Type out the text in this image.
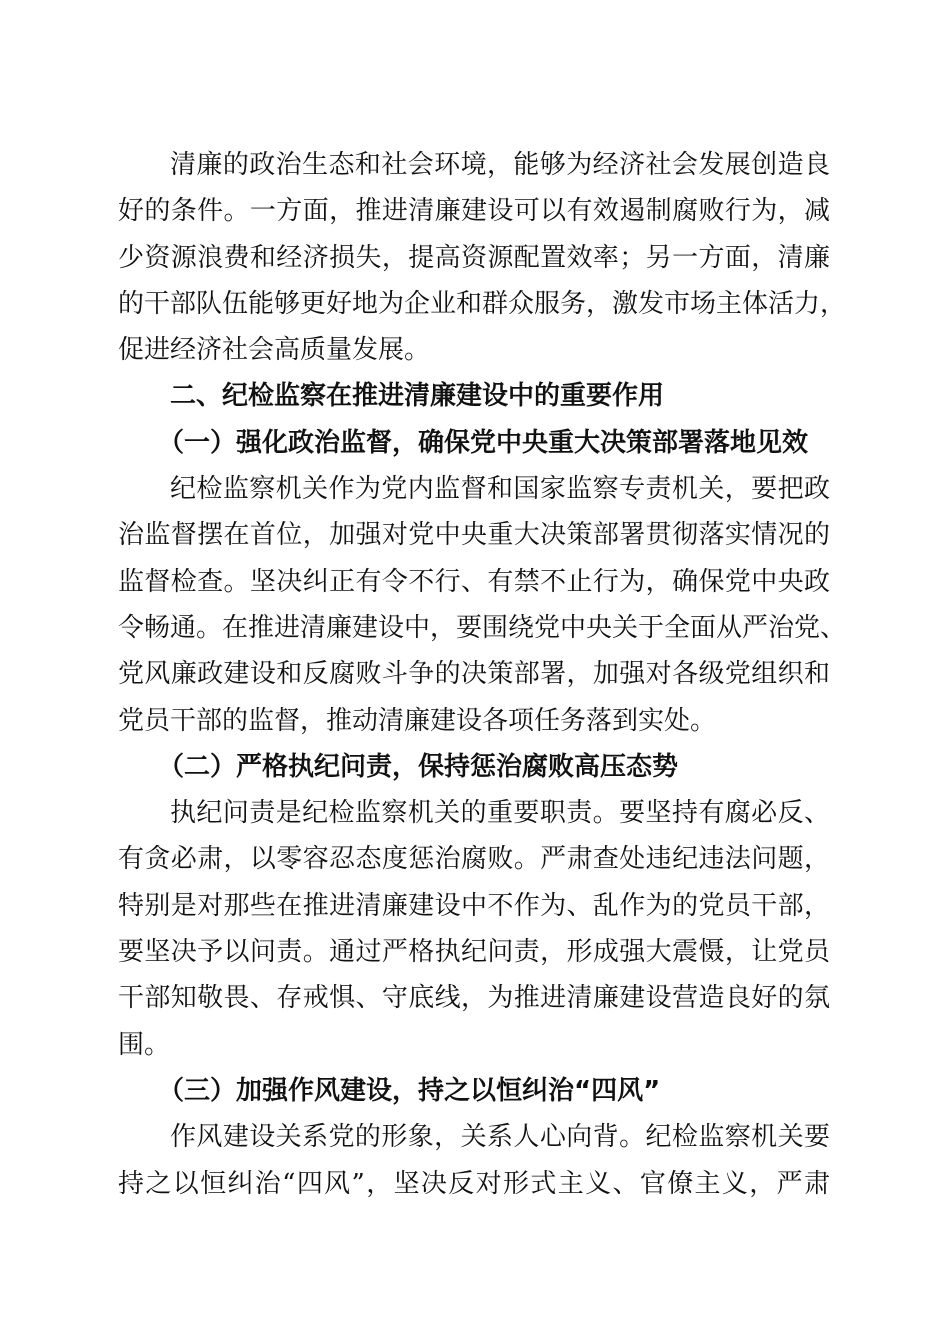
清廉的政治生态和社会环境，能够为经济社会发展创造良
好的条件。一方面，推进清廉建设可以有效遏制腐败行为，减
少资源浪费和经济损失，提高资源配置效率；另一方面，清廉
的干部队伍能够更好地为企业和群众服务，激发市场主体活力，
促进经济社会高质量发展。
二、纪检监察在推进清廉建设中的重要作用
（一）强化政治监督，确保党中央重大决策部署落地见效
纪检监察机关作为党内监督和国家监察专责机关，要把政
治监督摆在首位，加强对党中央重大决策部署贯彻落实情况的
监督检查。坚决纠正有令不行、有禁不止行为，确保党中央政
令畅通。在推进清廉建设中，要围绕党中央关于全面从严治党、
党风廉政建设和反腐败斗争的决策部署，加强对各级党组织和
党员干部的监督，推动清廉建设各项任务落到实处。
（二）严格执纪问责，保持惩治腐败高压态势
执纪问责是纪检监察机关的重要职责。要坚持有腐必反、
有贪必肃，以零容忍态度惩治腐败。严肃查处违纪违法问题，
特别是对那些在推进清廉建设中不作为、乱作为的党员干部，
要坚决予以问责。通过严格执纪问责，形成强大震慑，让党员
干部知敬畏、存戒惧、守底线，为推进清廉建设营造良好的氛
围。
（三）加强作风建设，持之以恒纠治“四风”
作风建设关系党的形象，关系人心向背。纪检监察机关要
持之以恒纠治“四风”，坚决反对形式主义、官僚主义，严肃
